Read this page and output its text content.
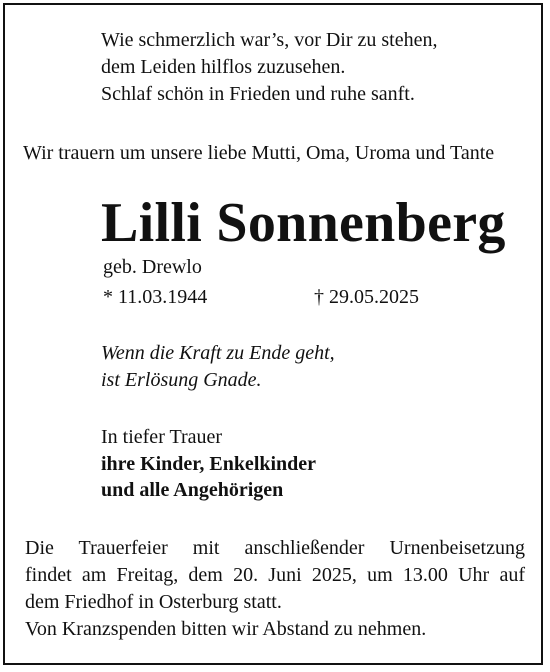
Wie schmerzlich war’s, vor Dir zu stehen,
dem Leiden hilflos zuzusehen.
Schlaf schön in Frieden und ruhe sanft.
Wir trauern um unsere liebe Mutti, Oma, Uroma und Tante
Lilli Sonnenberg
geb. Drewlo
* 11.03.1944	† 29.05.2025
Wenn die Kraft zu Ende geht,
ist Erlösung Gnade.
In tiefer Trauer
ihre Kinder, Enkelkinder
und alle Angehörigen
Die Trauerfeier mit anschließender Urnenbeisetzung
findet am Freitag, dem 20. Juni 2025, um 13.00 Uhr auf
dem Friedhof in Osterburg statt.
Von Kranzspenden bitten wir Abstand zu nehmen.
